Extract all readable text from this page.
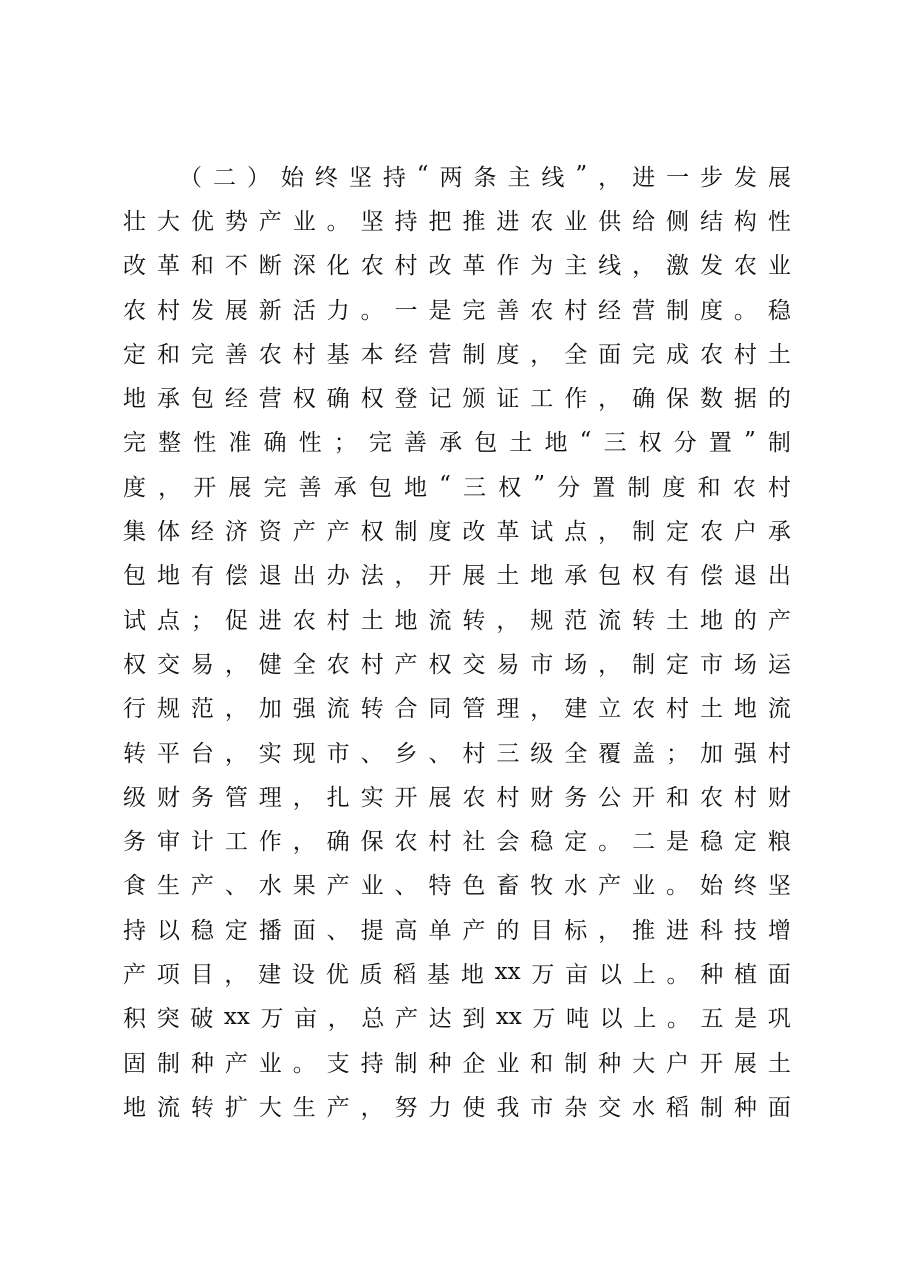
（ 二 ） 始 终 坚 持 “ 两 条 主 线 ” ， 进 一 步 发 展
壮 大 优 势 产 业 。 坚 持 把 推 进 农 业 供 给 侧 结 构 性
改 革 和 不 断 深 化 农 村 改 革 作 为 主 线 ， 激 发 农 业
农 村 发 展 新 活 力 。 一 是 完 善 农 村 经 营 制 度 。 稳
定 和 完 善 农 村 基 本 经 营 制 度 ， 全 面 完 成 农 村 土
地 承 包 经 营 权 确 权 登 记 颁 证 工 作 ， 确 保 数 据 的
完 整 性 准 确 性 ； 完 善 承 包 土 地 “ 三 权 分 置 ” 制
度 ， 开 展 完 善 承 包 地 “ 三 权 ” 分 置 制 度 和 农 村
集 体 经 济 资 产 产 权 制 度 改 革 试 点 ， 制 定 农 户 承
包 地 有 偿 退 出 办 法 ， 开 展 土 地 承 包 权 有 偿 退 出
试 点 ； 促 进 农 村 土 地 流 转 ， 规 范 流 转 土 地 的 产
权 交 易 ， 健 全 农 村 产 权 交 易 市 场 ， 制 定 市 场 运
行 规 范 ， 加 强 流 转 合 同 管 理 ， 建 立 农 村 土 地 流
转 平 台 ， 实 现 市 、 乡 、 村 三 级 全 覆 盖 ； 加 强 村
级 财 务 管 理 ， 扎 实 开 展 农 村 财 务 公 开 和 农 村 财
务 审 计 工 作 ， 确 保 农 村 社 会 稳 定 。 二 是 稳 定 粮
食 生 产 、 水 果 产 业 、 特 色 畜 牧 水 产 业 。 始 终 坚
持 以 稳 定 播 面 、 提 高 单 产 的 目 标 ， 推 进 科 技 增
产 项 目 ， 建 设 优 质 稻 基 地 xx 万 亩 以 上 。 种 植 面
积 突 破 xx 万 亩 ， 总 产 达 到 xx 万 吨 以 上 。 五 是 巩
固 制 种 产 业 。 支 持 制 种 企 业 和 制 种 大 户 开 展 土
地 流 转 扩 大 生 产 ， 努 力 使 我 市 杂 交 水 稻 制 种 面
